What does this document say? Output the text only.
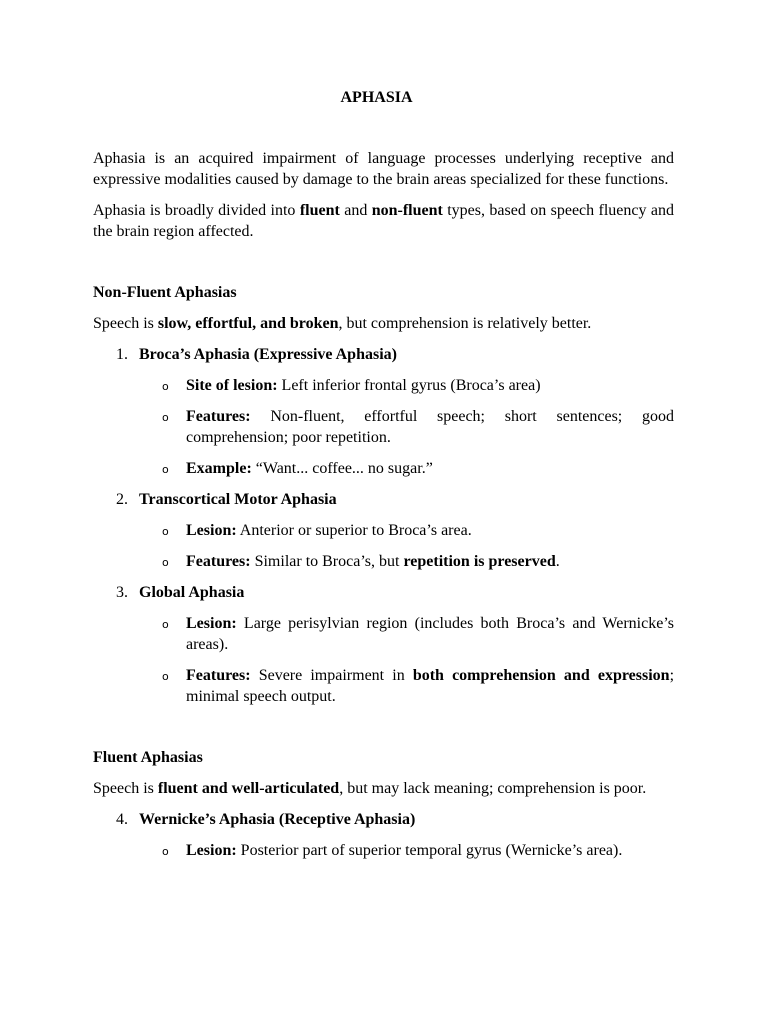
APHASIA

Aphasia is an acquired impairment of language processes underlying receptive and expressive modalities caused by damage to the brain areas specialized for these functions.

Aphasia is broadly divided into fluent and non-fluent types, based on speech fluency and the brain region affected.

Non-Fluent Aphasias

Speech is slow, effortful, and broken, but comprehension is relatively better.

1. Broca’s Aphasia (Expressive Aphasia)
o Site of lesion: Left inferior frontal gyrus (Broca’s area)
o Features: Non-fluent, effortful speech; short sentences; good comprehension; poor repetition.
o Example: “Want... coffee... no sugar.”
2. Transcortical Motor Aphasia
o Lesion: Anterior or superior to Broca’s area.
o Features: Similar to Broca’s, but repetition is preserved.
3. Global Aphasia
o Lesion: Large perisylvian region (includes both Broca’s and Wernicke’s areas).
o Features: Severe impairment in both comprehension and expression; minimal speech output.
Fluent Aphasias

Speech is fluent and well-articulated, but may lack meaning; comprehension is poor.

4. Wernicke’s Aphasia (Receptive Aphasia)
o Lesion: Posterior part of superior temporal gyrus (Wernicke’s area).
